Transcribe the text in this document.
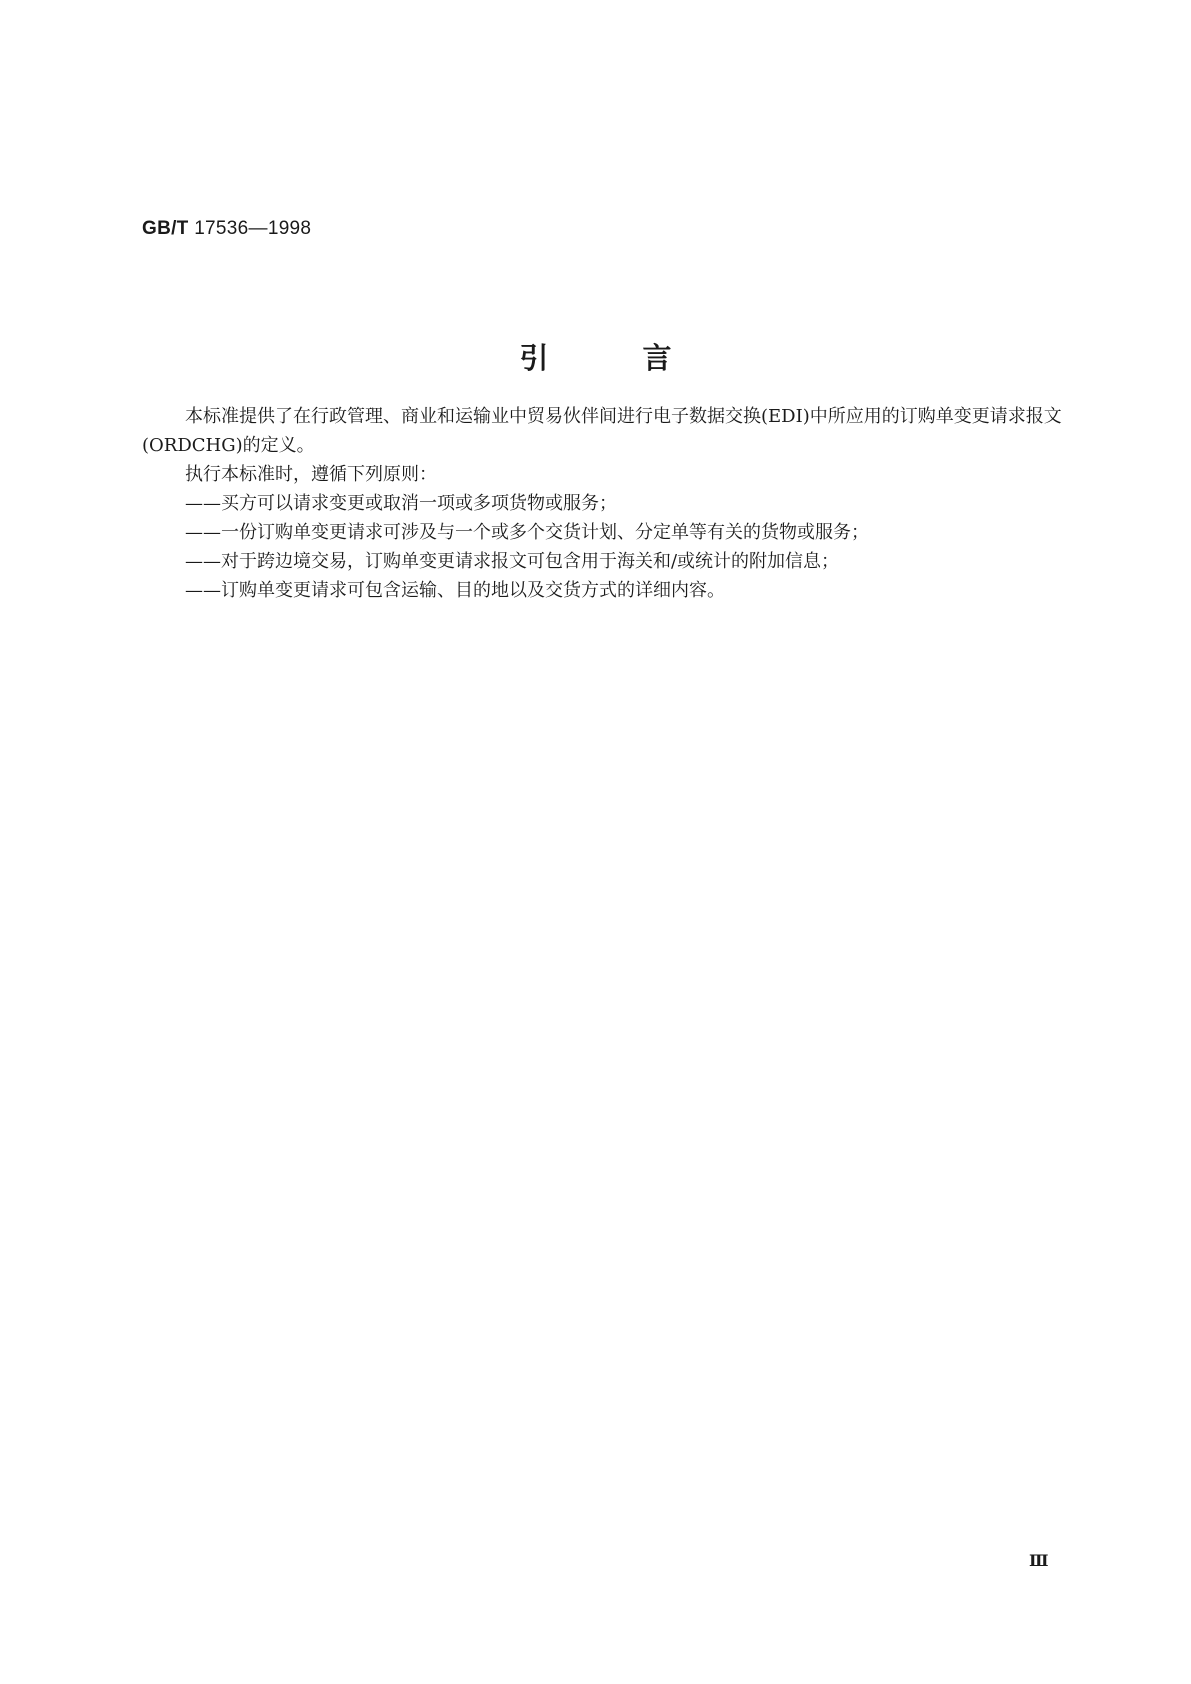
GB/T 17536—1998
引	言

本标准提供了在行政管理、商业和运输业中贸易伙伴间进行电子数据交换(EDI)中所应用的订购单变更请求报文(ORDCHG)的定义。

执行本标准时，遵循下列原则：

——买方可以请求变更或取消一项或多项货物或服务；

——一份订购单变更请求可涉及与一个或多个交货计划、分定单等有关的货物或服务；

——对于跨边境交易，订购单变更请求报文可包含用于海关和/或统计的附加信息；

——订购单变更请求可包含运输、目的地以及交货方式的详细内容。

Ⅲ
